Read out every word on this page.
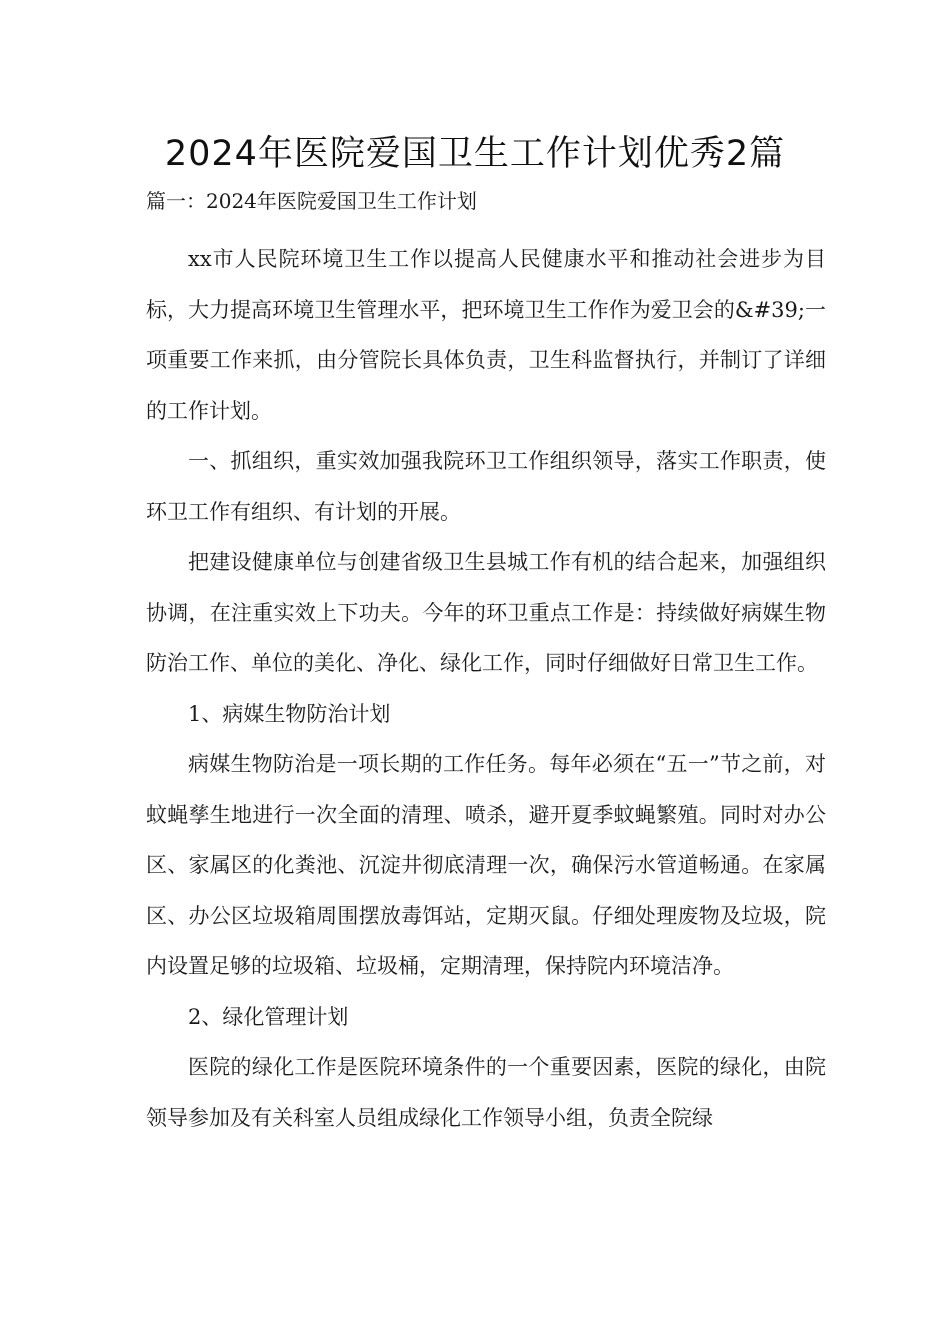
2024年医院爱国卫生工作计划优秀2篇
篇一：2024年医院爱国卫生工作计划

xx市人民院环境卫生工作以提高人民健康水平和推动社会进步为目标，大力提高环境卫生管理水平，把环境卫生工作作为爱卫会的&#39;一项重要工作来抓，由分管院长具体负责，卫生科监督执行，并制订了详细的工作计划。

一、抓组织，重实效加强我院环卫工作组织领导，落实工作职责，使环卫工作有组织、有计划的开展。

把建设健康单位与创建省级卫生县城工作有机的结合起来，加强组织协调，在注重实效上下功夫。今年的环卫重点工作是：持续做好病媒生物防治工作、单位的美化、净化、绿化工作，同时仔细做好日常卫生工作。

1、病媒生物防治计划

病媒生物防治是一项长期的工作任务。每年必须在“五一”节之前，对蚊蝇孳生地进行一次全面的清理、喷杀，避开夏季蚊蝇繁殖。同时对办公区、家属区的化粪池、沉淀井彻底清理一次，确保污水管道畅通。在家属区、办公区垃圾箱周围摆放毒饵站，定期灭鼠。仔细处理废物及垃圾，院内设置足够的垃圾箱、垃圾桶，定期清理，保持院内环境洁净。

2、绿化管理计划

医院的绿化工作是医院环境条件的一个重要因素，医院的绿化，由院领导参加及有关科室人员组成绿化工作领导小组，负责全院绿
